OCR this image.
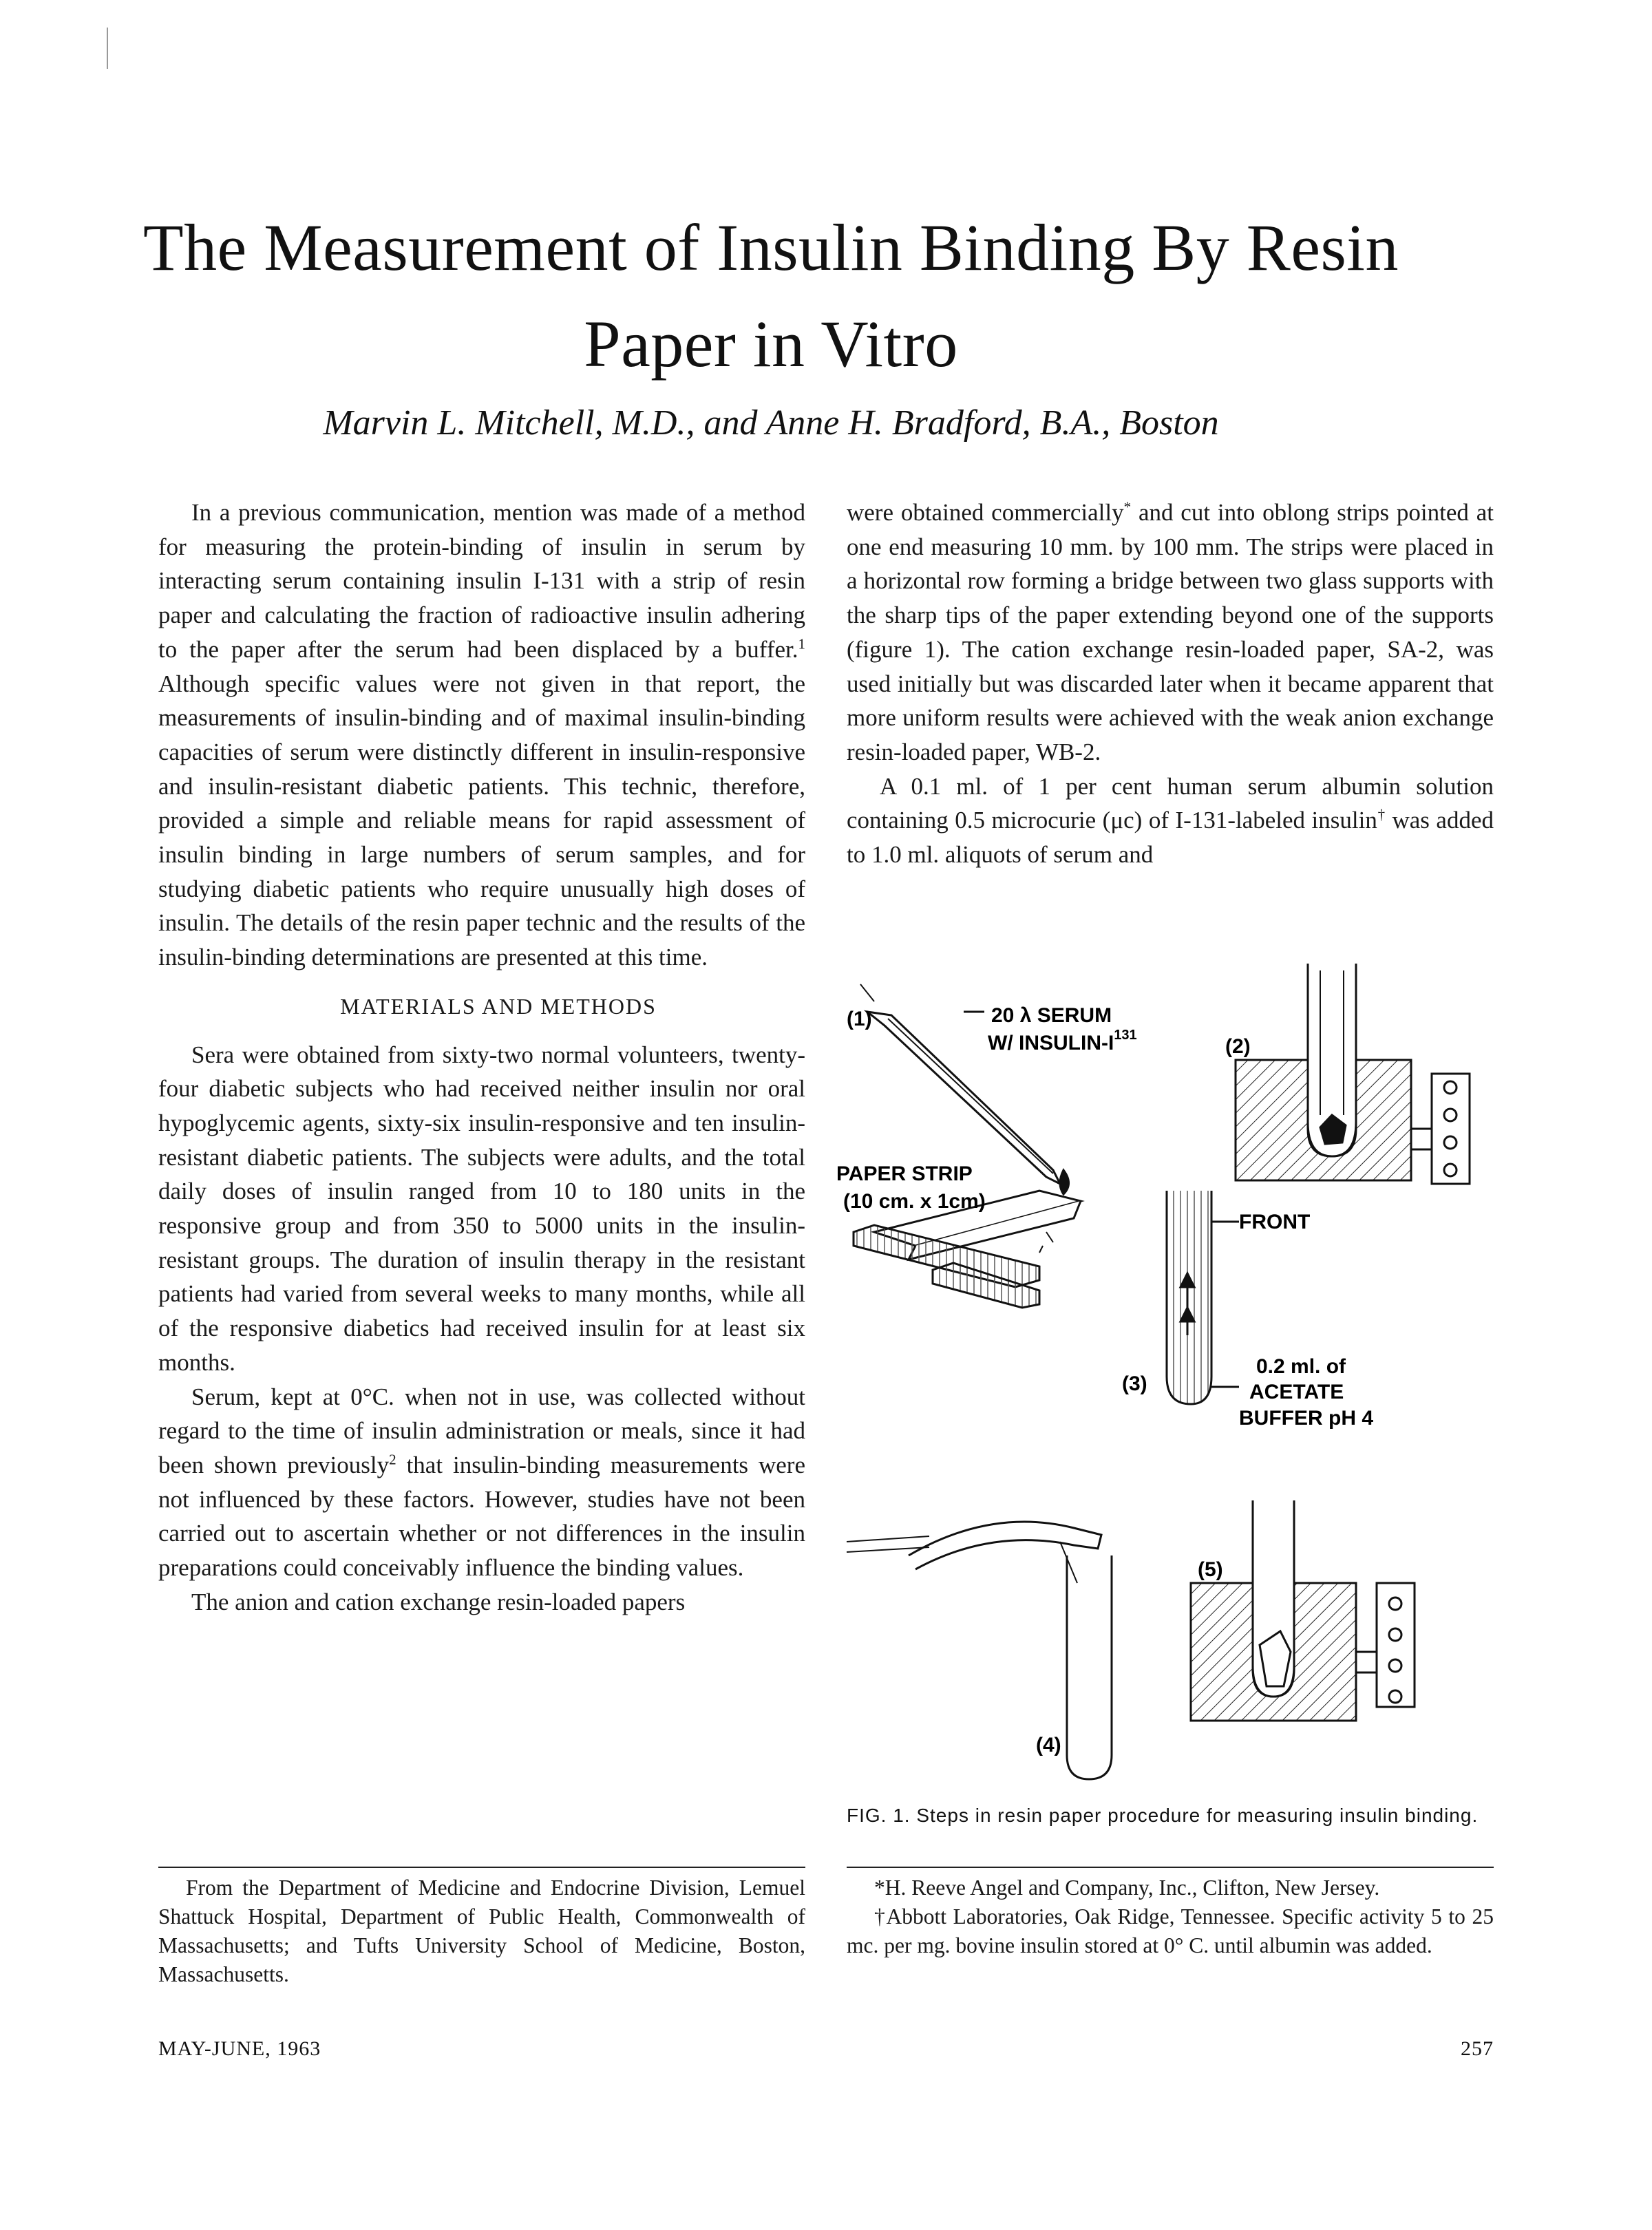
The Measurement of Insulin Binding By Resin Paper in Vitro
Marvin L. Mitchell, M.D., and Anne H. Bradford, B.A., Boston

In a previous communication, mention was made of a method for measuring the protein-binding of insulin in serum by interacting serum containing insulin I-131 with a strip of resin paper and calculating the fraction of radioactive insulin adhering to the paper after the serum had been displaced by a buffer.$^1$ Although specific values were not given in that report, the measurements of insulin-binding and of maximal insulin-binding capacities of serum were distinctly different in insulin-responsive and insulin-resistant diabetic patients. This technic, therefore, provided a simple and reliable means for rapid assessment of insulin binding in large numbers of serum samples, and for studying diabetic patients who require unusually high doses of insulin. The details of the resin paper technic and the results of the insulin-binding determinations are presented at this time.

MATERIALS AND METHODS

Sera were obtained from sixty-two normal volunteers, twenty-four diabetic subjects who had received neither insulin nor oral hypoglycemic agents, sixty-six insulin-responsive and ten insulin-resistant diabetic patients. The subjects were adults, and the total daily doses of insulin ranged from 10 to 180 units in the responsive group and from 350 to 5000 units in the insulin-resistant groups. The duration of insulin therapy in the resistant patients had varied from several weeks to many months, while all of the responsive diabetics had received insulin for at least six months.

Serum, kept at 0°C. when not in use, was collected without regard to the time of insulin administration or meals, since it had been shown previously$^2$ that insulin-binding measurements were not influenced by these factors. However, studies have not been carried out to ascertain whether or not differences in the insulin preparations could conceivably influence the binding values.

The anion and cation exchange resin-loaded papers

were obtained commercially* and cut into oblong strips pointed at one end measuring 10 mm. by 100 mm. The strips were placed in a horizontal row forming a bridge between two glass supports with the sharp tips of the paper extending beyond one of the supports (figure 1). The cation exchange resin-loaded paper, SA-2, was used initially but was discarded later when it became apparent that more uniform results were achieved with the weak anion exchange resin-loaded paper, WB-2.

A 0.1 ml. of 1 per cent human serum albumin solution containing 0.5 microcurie (μc) of I-131-labeled insulin† was added to 1.0 ml. aliquots of serum and

(1)	20 λ SERUM
W/ INSULIN-$I^{131}$
PAPER STRIP
(10 cm. x 1cm)
(2)
FRONT
(3)
0.2 ml. of
ACETATE
BUFFER pH 4
(4)
(5)
FIG. 1. Steps in resin paper procedure for measuring insulin binding.

From the Department of Medicine and Endocrine Division, Lemuel Shattuck Hospital, Department of Public Health, Commonwealth of Massachusetts; and Tufts University School of Medicine, Boston, Massachusetts.

*H. Reeve Angel and Company, Inc., Clifton, New Jersey.

†Abbott Laboratories, Oak Ridge, Tennessee. Specific activity 5 to 25 mc. per mg. bovine insulin stored at 0° C. until albumin was added.

MAY-JUNE, 1963	257
